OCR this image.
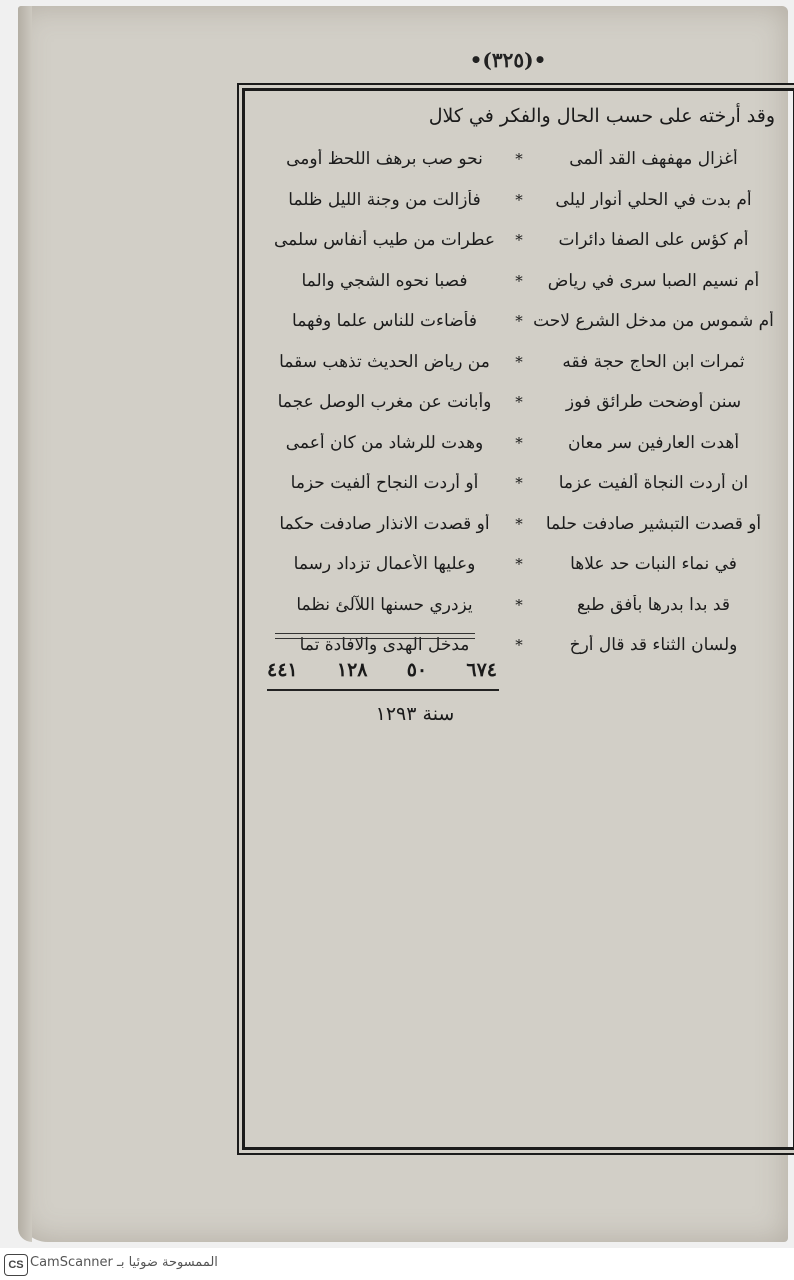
•(٣٢٥)•
وقد أرخته على حسب الحال والفكر في كلال
أغزال مهفهف القد ألمى
*
نحو صب برهف اللحظ أومى
أم بدت في الحلي أنوار ليلى
*
فأزالت من وجنة الليل ظلما
أم كؤس على الصفا دائرات
*
عطرات من طيب أنفاس سلمى
أم نسيم الصبا سرى في رياض
*
فصبا نحوه الشجي والما
أم شموس من مدخل الشرع لاحت
*
فأضاءت للناس علما وفهما
ثمرات ابن الحاج حجة فقه
*
من رياض الحديث تذهب سقما
سنن أوضحت طرائق فوز
*
وأبانت عن مغرب الوصل عجما
أهدت العارفين سر معان
*
وهدت للرشاد من كان أعمى
ان أردت النجاة ألفيت عزما
*
أو أردت النجاح ألفيت حزما
أو قصدت التبشير صادفت حلما
*
أو قصدت الانذار صادفت حكما
في نماء النبات حد علاها
*
وعليها الأعمال تزداد رسما
قد بدا بدرها بأفق طبع
*
يزدري حسنها اللآلئ نظما
ولسان الثناء قد قال أرخ
*
مدخل الهدى والافادة تما
٤٤١ ١٢٨ ٥٠ ٦٧٤
سنة ١٢٩٣
CS الممسوحة ضوئيا بـ CamScanner
